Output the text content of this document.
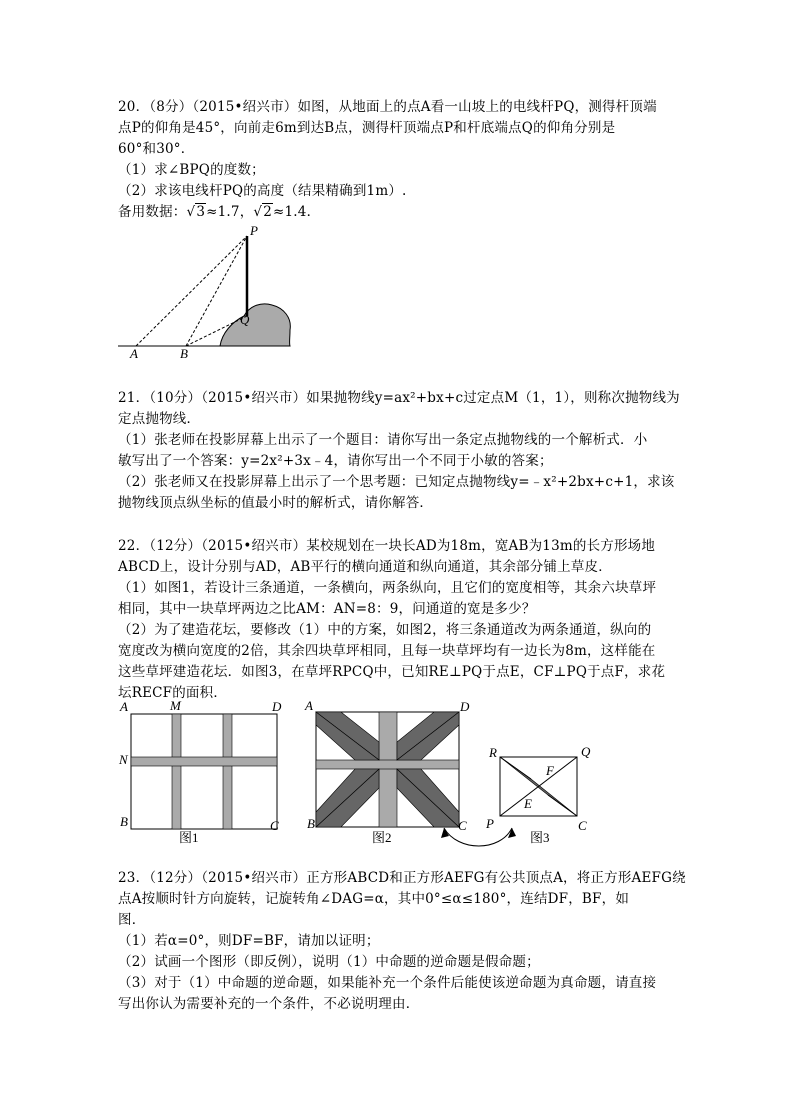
20．（8分）（2015•绍兴市）如图，从地面上的点A看一山坡上的电线杆PQ，测得杆顶端
点P的仰角是45°，向前走6m到达B点，测得杆顶端点P和杆底端点Q的仰角分别是
60°和30°．
（1）求∠BPQ的度数；
（2）求该电线杆PQ的高度（结果精确到1m）.
备用数据：√3≈1.7，√2≈1.4．
P
Q
A	B
21．（10分）（2015•绍兴市）如果抛物线y=ax²+bx+c过定点M（1，1），则称次抛物线为
定点抛物线．
（1）张老师在投影屏幕上出示了一个题目：请你写出一条定点抛物线的一个解析式．小
敏写出了一个答案：y=2x²+3x﹣4，请你写出一个不同于小敏的答案；
（2）张老师又在投影屏幕上出示了一个思考题：已知定点抛物线y=﹣x²+2bx+c+1，求该
抛物线顶点纵坐标的值最小时的解析式，请你解答．
22．（12分）（2015•绍兴市）某校规划在一块长AD为18m，宽AB为13m的长方形场地
ABCD上，设计分别与AD，AB平行的横向通道和纵向通道，其余部分铺上草皮．
（1）如图1，若设计三条通道，一条横向，两条纵向，且它们的宽度相等，其余六块草坪
相同，其中一块草坪两边之比AM：AN=8：9，问通道的宽是多少？
（2）为了建造花坛，要修改（1）中的方案，如图2，将三条通道改为两条通道，纵向的
宽度改为横向宽度的2倍，其余四块草坪相同，且每一块草坪均有一边长为8m，这样能在
这些草坪建造花坛．如图3，在草坪RPCQ中，已知RE⊥PQ于点E，CF⊥PQ于点F，求花
坛RECF的面积．
A	M	D
N
B	C
图1
A	D
B	C
图2
R	Q
F
E
P	C
图3
23．（12分）（2015•绍兴市）正方形ABCD和正方形AEFG有公共顶点A，将正方形AEFG绕
点A按顺时针方向旋转，记旋转角∠DAG=α，其中0°≤α≤180°，连结DF，BF，如
图．
（1）若α=0°，则DF=BF，请加以证明；
（2）试画一个图形（即反例），说明（1）中命题的逆命题是假命题；
（3）对于（1）中命题的逆命题，如果能补充一个条件后能使该逆命题为真命题，请直接
写出你认为需要补充的一个条件，不必说明理由．
